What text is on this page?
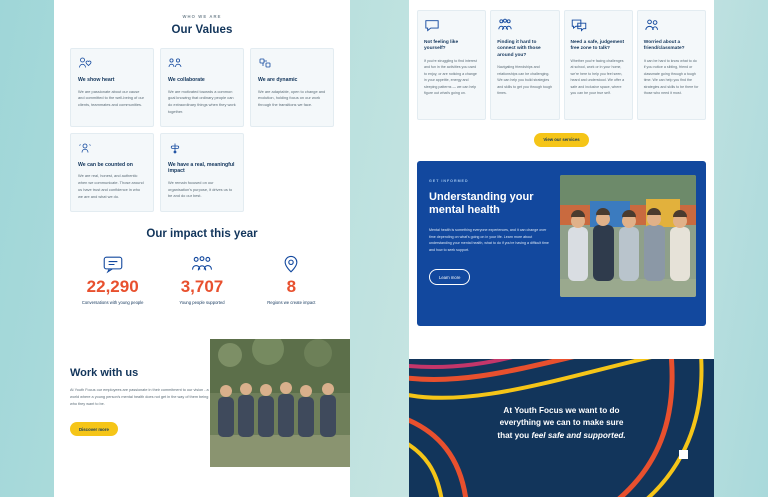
WHO WE ARE
Our Values
We show heart
We are passionate about our cause and committed to the well-being of our clients, teammates and communities.
We collaborate
We are motivated towards a common goal knowing that ordinary people can do extraordinary things when they work together.
We are dynamic
We are adaptable, open to change and evolution, holding focus on our work through the transitions we face.
We can be counted on
We are real, honest, and authentic when we communicate. Those around us have trust and confidence in who we are and what we do.
We have a real, meaningful impact
We remain focused on our organisation's purpose, it drives us to be and do our best.
Our impact this year
22,290
Conversations with young people
3,707
Young people supported
8
Regions we create impact
Work with us

At Youth Focus our employees are passionate in their commitment to our vision - a world where a young person's mental health does not get in the way of them being who they want to be.

Discover more
Not feeling like yourself?
If you're struggling to find interest and fun in the activities you used to enjoy, or are noticing a change in your appetite, energy and sleeping patterns — we can help figure out what's going on.
Finding it hard to connect with those around you?
Navigating friendships and relationships can be challenging. We can help you build strategies and skills to get you through tough times.
Need a safe, judgement free zone to talk?
Whether you're facing challenges at school, work or in your home, we're here to help you feel seen, heard and understood. We offer a safe and inclusive space, where you can be your true self.
Worried about a friend/classmate?
It can be hard to know what to do if you notice a sibling, friend or classmate going through a tough time. We can help you find the strategies and skills to be there for those who need it most.
View our services
GET INFORMED
Understanding your mental health

Mental health is something everyone experiences, and it can change over time depending on what's going on in your life. Learn more about understanding your mental health, what to do if you're having a difficult time and how to seek support.

Learn more
At Youth Focus we want to do
everything we can to make sure
that you feel safe and supported.
